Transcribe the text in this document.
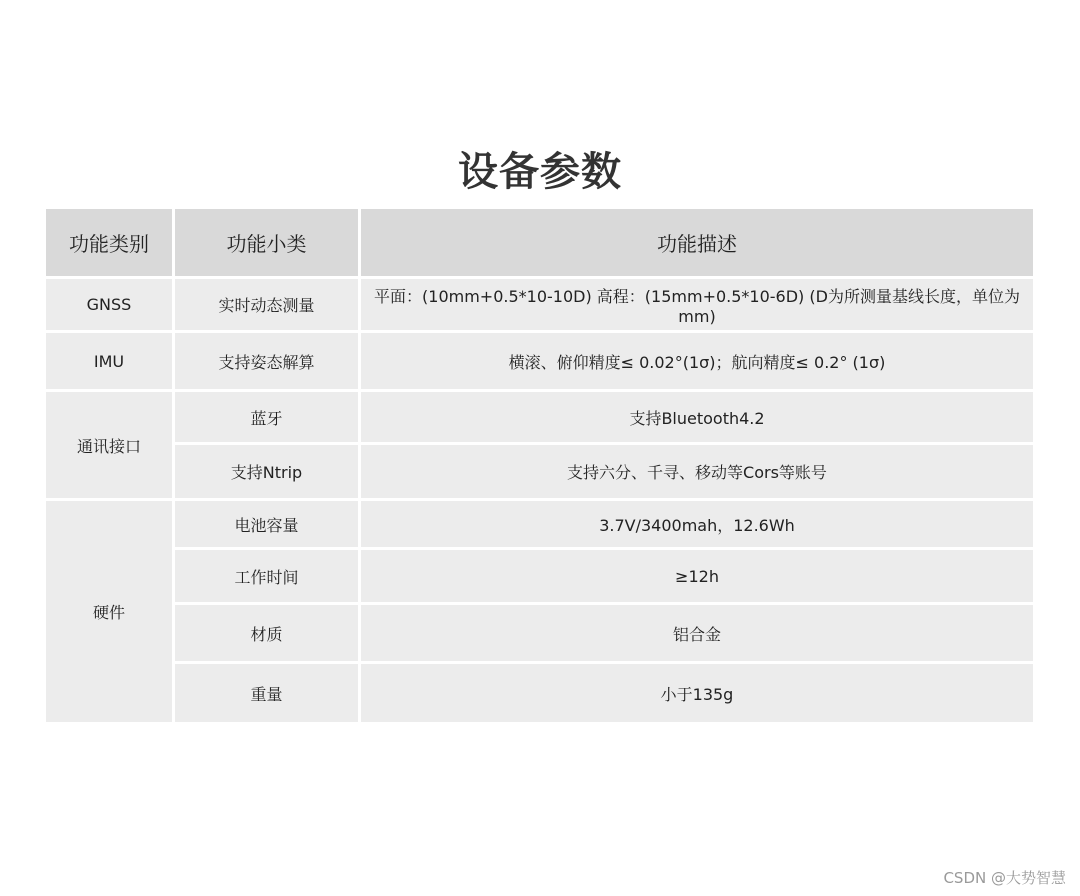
设备参数
功能类别	功能小类	功能描述
GNSS	实时动态测量	平面：(10mm+0.5*10-10D) 高程：(15mm+0.5*10-6D) (D为所测量基线长度，单位为mm)
IMU	支持姿态解算	横滚、俯仰精度≤ 0.02°(1σ)；航向精度≤ 0.2° (1σ)
通讯接口	蓝牙	支持Bluetooth4.2
	支持Ntrip	支持六分、千寻、移动等Cors等账号
硬件	电池容量	3.7V/3400mah，12.6Wh
	工作时间	≥12h
	材质	铝合金
	重量	小于135g
CSDN @大势智慧
